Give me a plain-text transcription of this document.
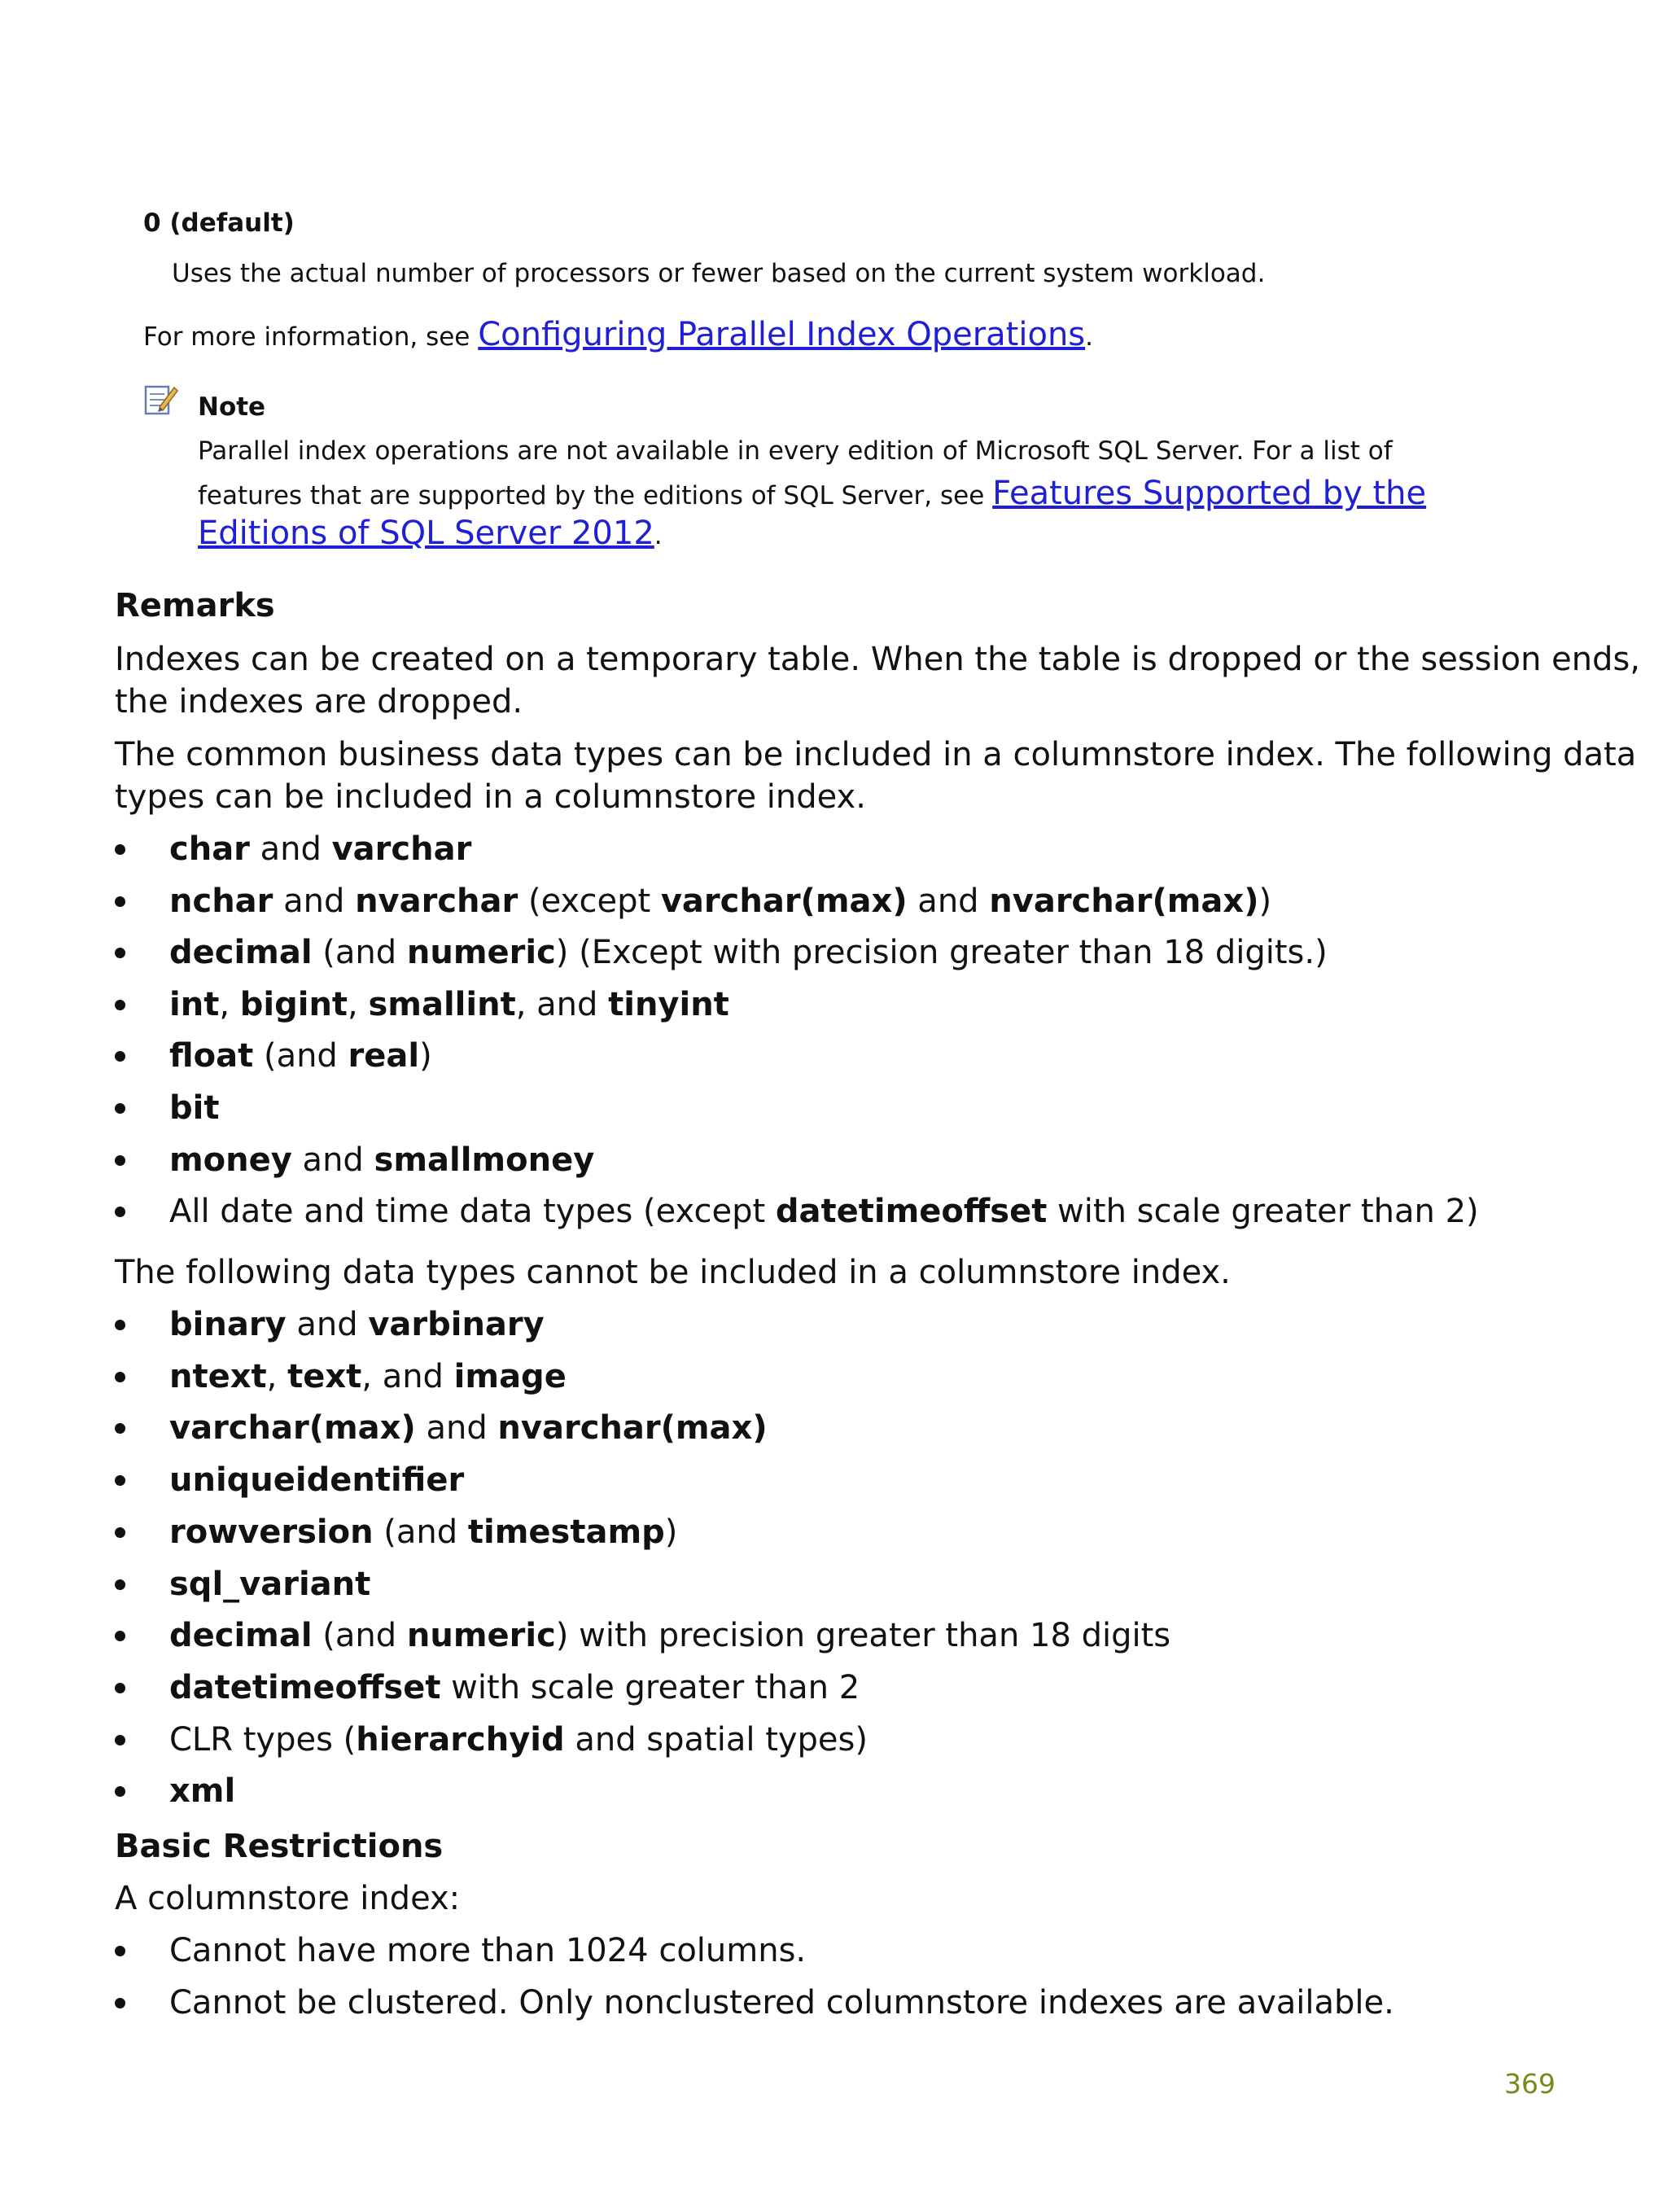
0 (default)
Uses the actual number of processors or fewer based on the current system workload.
For more information, see Configuring Parallel Index Operations.
Note
Parallel index operations are not available in every edition of Microsoft SQL Server. For a list of
features that are supported by the editions of SQL Server, see Features Supported by the
Editions of SQL Server 2012.
Remarks
Indexes can be created on a temporary table. When the table is dropped or the session ends,
the indexes are dropped.
The common business data types can be included in a columnstore index. The following data
types can be included in a columnstore index.
char and varchar
nchar and nvarchar (except varchar(max) and nvarchar(max))
decimal (and numeric) (Except with precision greater than 18 digits.)
int, bigint, smallint, and tinyint
float (and real)
bit
money and smallmoney
All date and time data types (except datetimeoffset with scale greater than 2)
The following data types cannot be included in a columnstore index.
binary and varbinary
ntext, text, and image
varchar(max) and nvarchar(max)
uniqueidentifier
rowversion (and timestamp)
sql_variant
decimal (and numeric) with precision greater than 18 digits
datetimeoffset with scale greater than 2
CLR types (hierarchyid and spatial types)
xml
Basic Restrictions
A columnstore index:
Cannot have more than 1024 columns.
Cannot be clustered. Only nonclustered columnstore indexes are available.
369
